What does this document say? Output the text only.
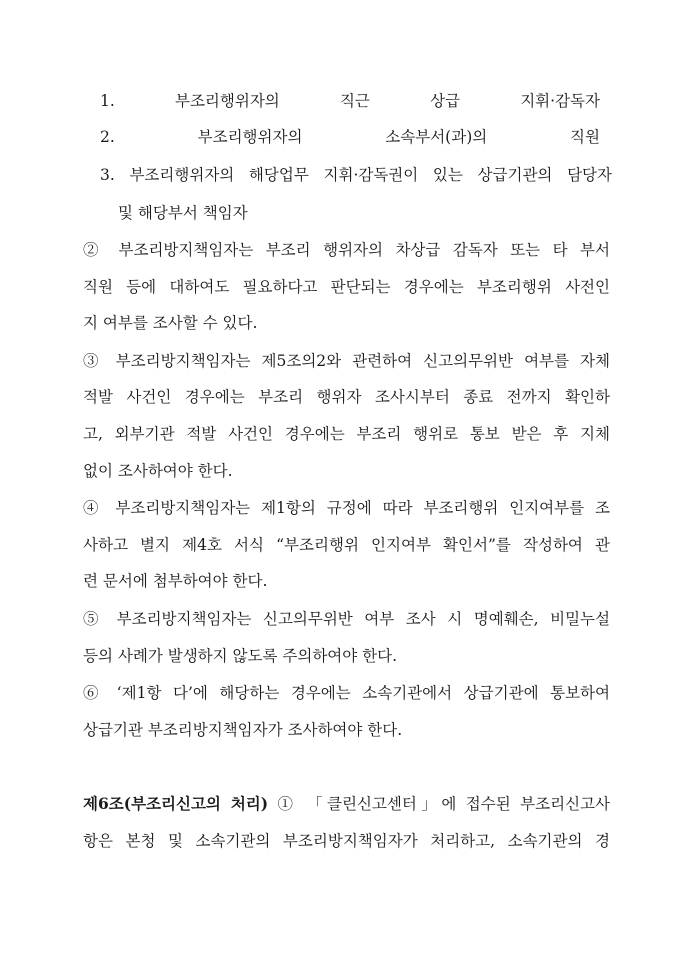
1. 부조리행위자의 직근 상급 지휘·감독자
2. 부조리행위자의 소속부서(과)의 직원
3. 부조리행위자의 해당업무 지휘·감독권이 있는 상급기관의 담당자
및 해당부서 책임자
② 부조리방지책임자는 부조리 행위자의 차상급 감독자 또는 타 부서
직원 등에 대하여도 필요하다고 판단되는 경우에는 부조리행위 사전인
지 여부를 조사할 수 있다.
③ 부조리방지책임자는 제5조의2와 관련하여 신고의무위반 여부를 자체
적발 사건인 경우에는 부조리 행위자 조사시부터 종료 전까지 확인하
고, 외부기관 적발 사건인 경우에는 부조리 행위로 통보 받은 후 지체
없이 조사하여야 한다.
④ 부조리방지책임자는 제1항의 규정에 따라 부조리행위 인지여부를 조
사하고 별지 제4호 서식 “부조리행위 인지여부 확인서”를 작성하여 관
련 문서에 첨부하여야 한다.
⑤ 부조리방지책임자는 신고의무위반 여부 조사 시 명예훼손, 비밀누설
등의 사례가 발생하지 않도록 주의하여야 한다.
⑥ ‘제1항 다’에 해당하는 경우에는 소속기관에서 상급기관에 통보하여
상급기관 부조리방지책임자가 조사하여야 한다.
제6조(부조리신고의 처리) ① 「클린신고센터」에 접수된 부조리신고사
항은 본청 및 소속기관의 부조리방지책임자가 처리하고, 소속기관의 경
